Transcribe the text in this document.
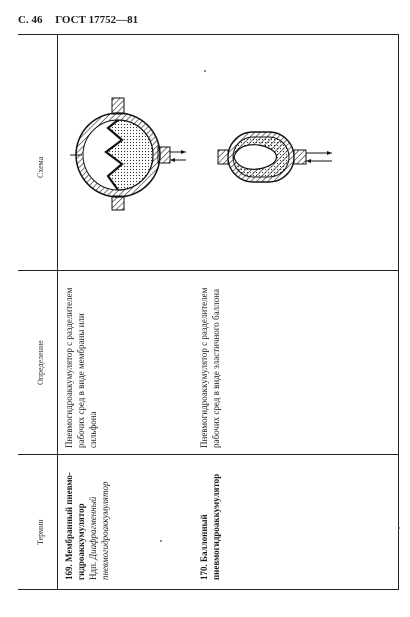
С. 46 ГОСТ 17752—81
Термин
Определение
Схема
169. Мембранный пневмо-гидроаккумулятор Ндп. Диафрагменный пневмогидроаккумулятор
Пневмогидроаккумулятор с разделителем рабочих сред в виде мембраны или сильфона
170. Баллонный пневмогидроаккумулятор
Пневмогидроаккумулятор с разделителем рабочих сред в виде эластичного баллона
